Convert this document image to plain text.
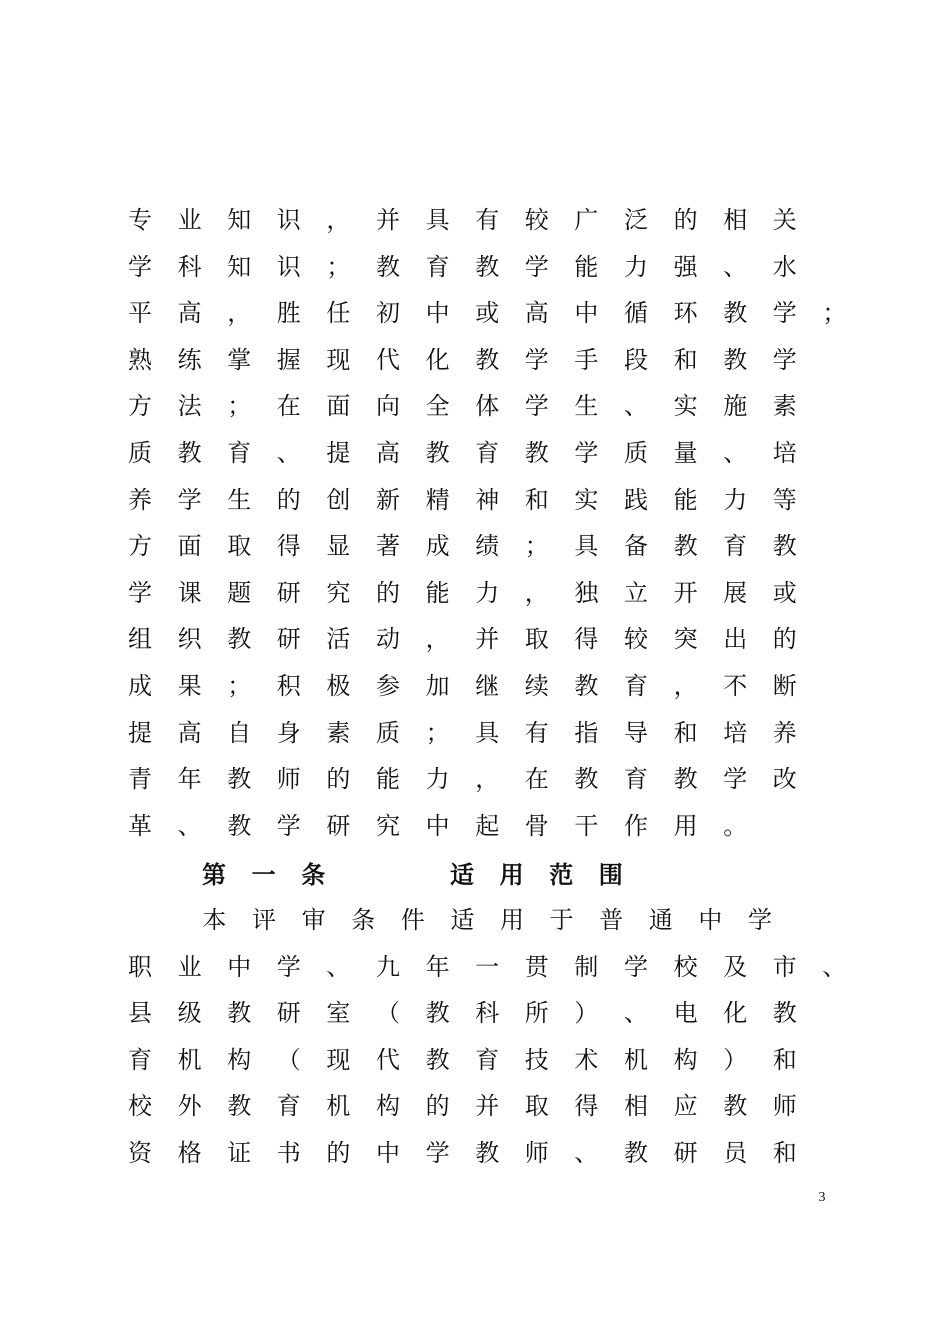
专 业 知 识 ， 并 具 有 较 广 泛 的 相 关
学 科 知 识 ； 教 育 教 学 能 力 强 、 水
平 高 ， 胜 任 初 中 或 高 中 循 环 教 学 ；
熟 练 掌 握 现 代 化 教 学 手 段 和 教 学
方 法 ； 在 面 向 全 体 学 生 、 实 施 素
质 教 育 、 提 高 教 育 教 学 质 量 、 培
养 学 生 的 创 新 精 神 和 实 践 能 力 等
方 面 取 得 显 著 成 绩 ； 具 备 教 育 教
学 课 题 研 究 的 能 力 ， 独 立 开 展 或
组 织 教 研 活 动 ， 并 取 得 较 突 出 的
成 果 ； 积 极 参 加 继 续 教 育 ， 不 断
提 高 自 身 素 质 ； 具 有 指 导 和 培 养
青 年 教 师 的 能 力 ， 在 教 育 教 学 改
革 、 教 学 研 究 中 起 骨 干 作 用 。
第 一 条	适 用 范 围
本 评 审 条 件 适 用 于 普 通 中 学
职 业 中 学 、 九 年 一 贯 制 学 校 及 市 、
县 级 教 研 室 （ 教 科 所 ） 、 电 化 教
育 机 构 （ 现 代 教 育 技 术 机 构 ） 和
校 外 教 育 机 构 的 并 取 得 相 应 教 师
资 格 证 书 的 中 学 教 师 、 教 研 员 和
3
